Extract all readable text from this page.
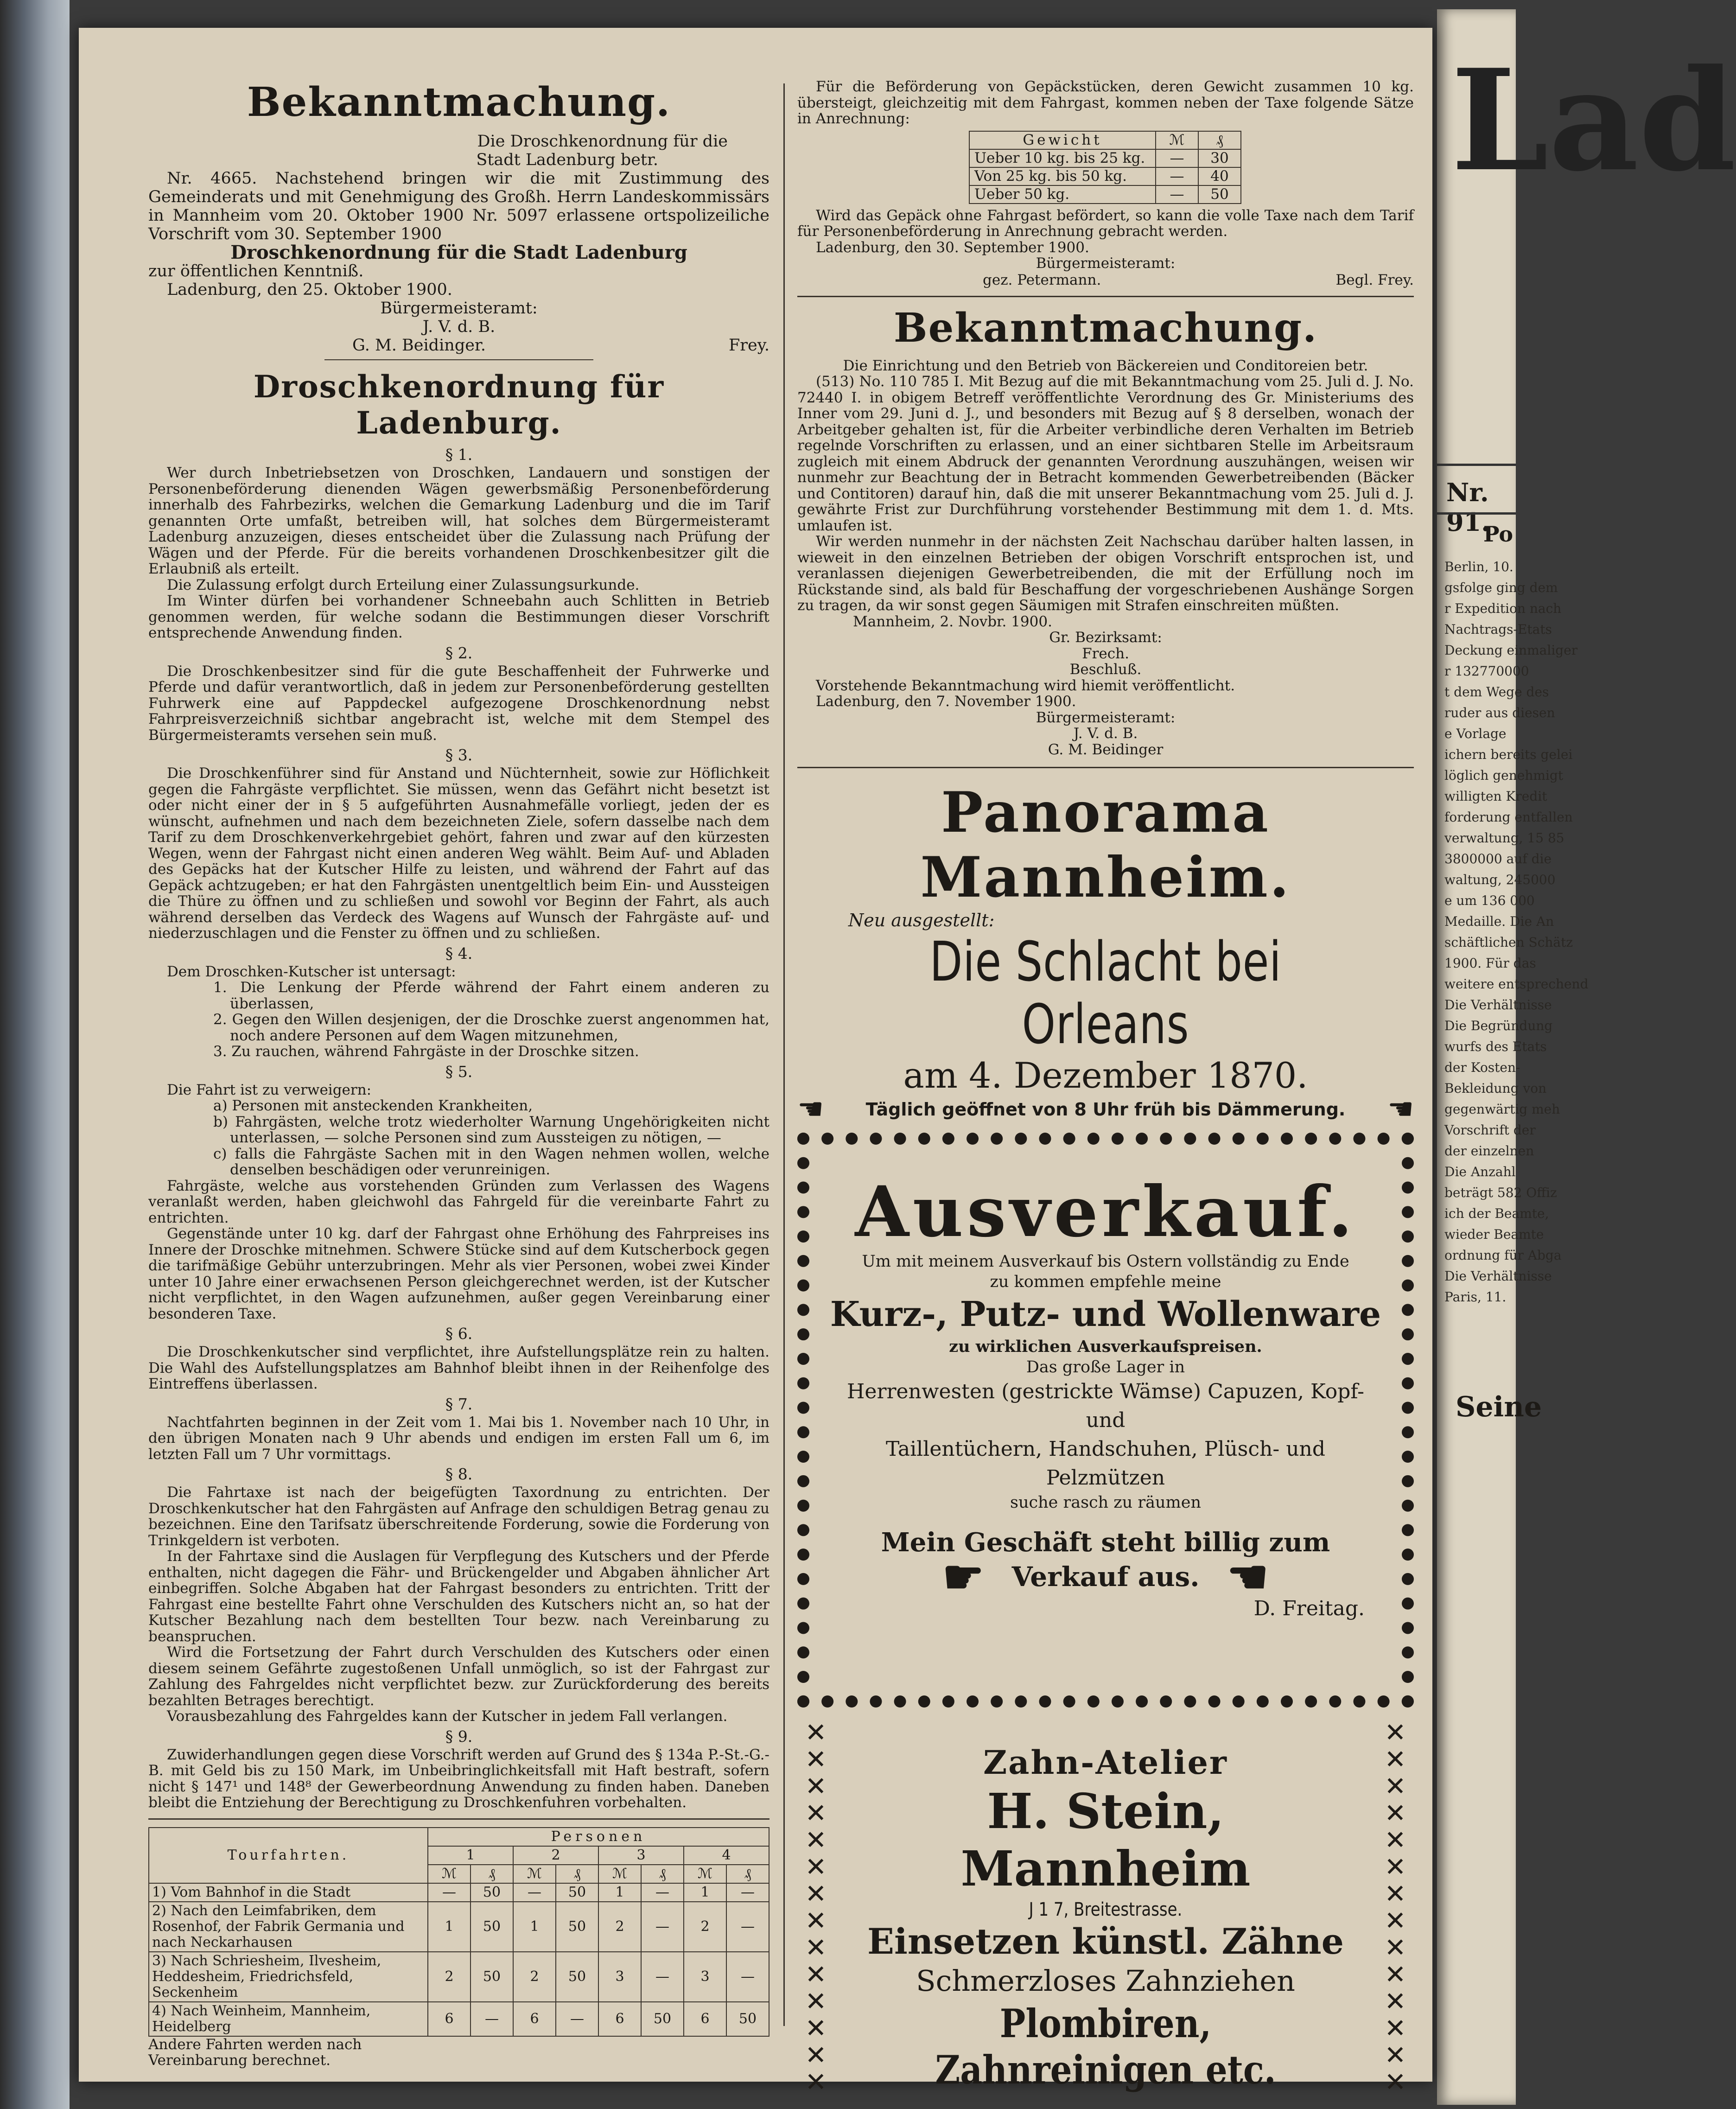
Lad
Nr. 91.
Po
Berlin, 10.
gsfolge ging dem
r Expedition nach
Nachtrags-Etats
Deckung einmaliger
r 132770000
t dem Wege des
ruder aus diesen
e Vorlage
ichern bereits gelei
löglich genehmigt
willigten Kredit
forderung entfallen
verwaltung, 15 85
3800000 auf die
waltung, 245000
e um 136 000
Medaille. Die An
schäftlichen Schätz
1900. Für das
weitere entsprechend
Die Verhältnisse
Die Begründung
wurfs des Etats
der Kosten-
Bekleidung von
gegenwärtig meh
Vorschrift der
der einzelnen
Die Anzahl
beträgt 582 Offiz
ich der Beamte,
wieder Beamte
ordnung für Abga
Die Verhältnisse
Paris, 11.
Seine
Bekanntmachung.

Die Droschkenordnung für die

Stadt Ladenburg betr.

Nr. 4665. Nachstehend bringen wir die mit Zustimmung des Gemeinderats und mit Genehmigung des Großh. Herrn Landeskommissärs in Mannheim vom 20. Oktober 1900 Nr. 5097 erlassene ortspolizeiliche Vorschrift vom 30. September 1900

Droschkenordnung für die Stadt Ladenburg

zur öffentlichen Kenntniß.

Ladenburg, den 25. Oktober 1900.

Bürgermeisteramt:

J. V. d. B.

G. M. Beidinger.	Frey.
Droschkenordnung für Ladenburg.

§ 1.

Wer durch Inbetriebsetzen von Droschken, Landauern und sonstigen der Personenbeförderung dienenden Wägen gewerbsmäßig Personenbeförderung innerhalb des Fahrbezirks, welchen die Gemarkung Ladenburg und die im Tarif genannten Orte umfaßt, betreiben will, hat solches dem Bürgermeisteramt Ladenburg anzuzeigen, dieses entscheidet über die Zulassung nach Prüfung der Wägen und der Pferde. Für die bereits vorhandenen Droschkenbesitzer gilt die Erlaubniß als erteilt.

Die Zulassung erfolgt durch Erteilung einer Zulassungsurkunde.

Im Winter dürfen bei vorhandener Schneebahn auch Schlitten in Betrieb genommen werden, für welche sodann die Bestimmungen dieser Vorschrift entsprechende Anwendung finden.

§ 2.

Die Droschkenbesitzer sind für die gute Beschaffenheit der Fuhrwerke und Pferde und dafür verantwortlich, daß in jedem zur Personenbeförderung gestellten Fuhrwerk eine auf Pappdeckel aufgezogene Droschkenordnung nebst Fahrpreisverzeichniß sichtbar angebracht ist, welche mit dem Stempel des Bürgermeisteramts versehen sein muß.

§ 3.

Die Droschkenführer sind für Anstand und Nüchternheit, sowie zur Höflichkeit gegen die Fahrgäste verpflichtet. Sie müssen, wenn das Gefährt nicht besetzt ist oder nicht einer der in § 5 aufgeführten Ausnahmefälle vorliegt, jeden der es wünscht, aufnehmen und nach dem bezeichneten Ziele, sofern dasselbe nach dem Tarif zu dem Droschkenverkehrgebiet gehört, fahren und zwar auf den kürzesten Wegen, wenn der Fahrgast nicht einen anderen Weg wählt. Beim Auf- und Abladen des Gepäcks hat der Kutscher Hilfe zu leisten, und während der Fahrt auf das Gepäck achtzugeben; er hat den Fahrgästen unentgeltlich beim Ein- und Aussteigen die Thüre zu öffnen und zu schließen und sowohl vor Beginn der Fahrt, als auch während derselben das Verdeck des Wagens auf Wunsch der Fahrgäste auf- und niederzuschlagen und die Fenster zu öffnen und zu schließen.

§ 4.

Dem Droschken-Kutscher ist untersagt:

1. Die Lenkung der Pferde während der Fahrt einem anderen zu überlassen,

2. Gegen den Willen desjenigen, der die Droschke zuerst angenommen hat, noch andere Personen auf dem Wagen mitzunehmen,

3. Zu rauchen, während Fahrgäste in der Droschke sitzen.

§ 5.

Die Fahrt ist zu verweigern:

a) Personen mit ansteckenden Krankheiten,

b) Fahrgästen, welche trotz wiederholter Warnung Ungehörigkeiten nicht unterlassen, — solche Personen sind zum Aussteigen zu nötigen, —

c) falls die Fahrgäste Sachen mit in den Wagen nehmen wollen, welche denselben beschädigen oder verunreinigen.

Fahrgäste, welche aus vorstehenden Gründen zum Verlassen des Wagens veranlaßt werden, haben gleichwohl das Fahrgeld für die vereinbarte Fahrt zu entrichten.

Gegenstände unter 10 kg. darf der Fahrgast ohne Erhöhung des Fahrpreises ins Innere der Droschke mitnehmen. Schwere Stücke sind auf dem Kutscherbock gegen die tarifmäßige Gebühr unterzubringen. Mehr als vier Personen, wobei zwei Kinder unter 10 Jahre einer erwachsenen Person gleichgerechnet werden, ist der Kutscher nicht verpflichtet, in den Wagen aufzunehmen, außer gegen Vereinbarung einer besonderen Taxe.

§ 6.

Die Droschkenkutscher sind verpflichtet, ihre Aufstellungsplätze rein zu halten. Die Wahl des Aufstellungsplatzes am Bahnhof bleibt ihnen in der Reihenfolge des Eintreffens überlassen.

§ 7.

Nachtfahrten beginnen in der Zeit vom 1. Mai bis 1. November nach 10 Uhr, in den übrigen Monaten nach 9 Uhr abends und endigen im ersten Fall um 6, im letzten Fall um 7 Uhr vormittags.

§ 8.

Die Fahrtaxe ist nach der beigefügten Taxordnung zu entrichten. Der Droschkenkutscher hat den Fahrgästen auf Anfrage den schuldigen Betrag genau zu bezeichnen. Eine den Tarifsatz überschreitende Forderung, sowie die Forderung von Trinkgeldern ist verboten.

In der Fahrtaxe sind die Auslagen für Verpflegung des Kutschers und der Pferde enthalten, nicht dagegen die Fähr- und Brückengelder und Abgaben ähnlicher Art einbegriffen. Solche Abgaben hat der Fahrgast besonders zu entrichten. Tritt der Fahrgast eine bestellte Fahrt ohne Verschulden des Kutschers nicht an, so hat der Kutscher Bezahlung nach dem bestellten Tour bezw. nach Vereinbarung zu beanspruchen.

Wird die Fortsetzung der Fahrt durch Verschulden des Kutschers oder einen diesem seinem Gefährte zugestoßenen Unfall unmöglich, so ist der Fahrgast zur Zahlung des Fahrgeldes nicht verpflichtet bezw. zur Zurückforderung des bereits bezahlten Betrages berechtigt.

Vorausbezahlung des Fahrgeldes kann der Kutscher in jedem Fall verlangen.

§ 9.

Zuwiderhandlungen gegen diese Vorschrift werden auf Grund des § 134a P.-St.-G.-B. mit Geld bis zu 150 Mark, im Unbeibringlichkeitsfall mit Haft bestraft, sofern nicht § 147¹ und 148⁸ der Gewerbeordnung Anwendung zu finden haben. Daneben bleibt die Entziehung der Berechtigung zu Droschkenfuhren vorbehalten.

Tourfahrten.	Personen							
	1		2		3		4	
	ℳ	₰	ℳ	₰	ℳ	₰	ℳ	₰
1) Vom Bahnhof in die Stadt	—	50	—	50	1	—	1	—
2) Nach den Leimfabriken, dem Rosenhof, der Fabrik Germania und nach Neckarhausen	1	50	1	50	2	—	2	—
3) Nach Schriesheim, Ilvesheim, Heddesheim, Friedrichsfeld, Seckenheim	2	50	2	50	3	—	3	—
4) Nach Weinheim, Mannheim, Heidelberg	6	—	6	—	6	50	6	50

Andere Fahrten werden nach Vereinbarung berechnet.

Für die Beförderung von Gepäckstücken, deren Gewicht zusammen 10 kg. übersteigt, gleichzeitig mit dem Fahrgast, kommen neben der Taxe folgende Sätze in Anrechnung:

Gewicht	ℳ	₰
Ueber 10 kg. bis 25 kg.	—	30
Von 25 kg. bis 50 kg.	—	40
Ueber 50 kg.	—	50

Wird das Gepäck ohne Fahrgast befördert, so kann die volle Taxe nach dem Tarif für Personenbeförderung in Anrechnung gebracht werden.

Ladenburg, den 30. September 1900.

Bürgermeisteramt:

gez. Petermann.	Begl. Frey.
Bekanntmachung.

Die Einrichtung und den Betrieb von Bäckereien und Conditoreien betr.

(513) No. 110 785 I. Mit Bezug auf die mit Bekanntmachung vom 25. Juli d. J. No. 72440 I. in obigem Betreff veröffentlichte Verordnung des Gr. Ministeriums des Inner vom 29. Juni d. J., und besonders mit Bezug auf § 8 derselben, wonach der Arbeitgeber gehalten ist, für die Arbeiter verbindliche deren Verhalten im Betrieb regelnde Vorschriften zu erlassen, und an einer sichtbaren Stelle im Arbeitsraum zugleich mit einem Abdruck der genannten Verordnung auszuhängen, weisen wir nunmehr zur Beachtung der in Betracht kommenden Gewerbetreibenden (Bäcker und Contitoren) darauf hin, daß die mit unserer Bekanntmachung vom 25. Juli d. J. gewährte Frist zur Durchführung vorstehender Bestimmung mit dem 1. d. Mts. umlaufen ist.

Wir werden nunmehr in der nächsten Zeit Nachschau darüber halten lassen, in wieweit in den einzelnen Betrieben der obigen Vorschrift entsprochen ist, und veranlassen diejenigen Gewerbetreibenden, die mit der Erfüllung noch im Rückstande sind, als bald für Beschaffung der vorgeschriebenen Aushänge Sorgen zu tragen, da wir sonst gegen Säumigen mit Strafen einschreiten müßten.

Mannheim, 2. Novbr. 1900.

Gr. Bezirksamt:

Frech.

Beschluß.

Vorstehende Bekanntmachung wird hiemit veröffentlicht.

Ladenburg, den 7. November 1900.

Bürgermeisteramt:

J. V. d. B.

G. M. Beidinger

Panorama Mannheim.
Neu ausgestellt:
Die Schlacht bei Orleans
am 4. Dezember 1870.
☛ Täglich geöffnet von 8 Uhr früh bis Dämmerung. ☛
Ausverkauf.
Um mit meinem Ausverkauf bis Ostern vollständig zu Ende
zu kommen empfehle meine
Kurz-, Putz- und Wollenware
zu wirklichen Ausverkaufspreisen.
Das große Lager in
Herrenwesten (gestrickte Wämse) Capuzen, Kopf- und
Taillentüchern, Handschuhen, Plüsch- und Pelzmützen
suche rasch zu räumen
Mein Geschäft steht billig zum
☛ Verkauf aus. ☛
D. Freitag.
✕✕✕✕✕✕✕✕✕✕✕✕✕✕
✕✕✕✕✕✕✕✕✕✕✕✕✕✕
Zahn-Atelier
H. Stein, Mannheim
J 1 7, Breitestrasse.
Einsetzen künstl. Zähne
Schmerzloses Zahnziehen
Plombiren, Zahnreinigen etc.
